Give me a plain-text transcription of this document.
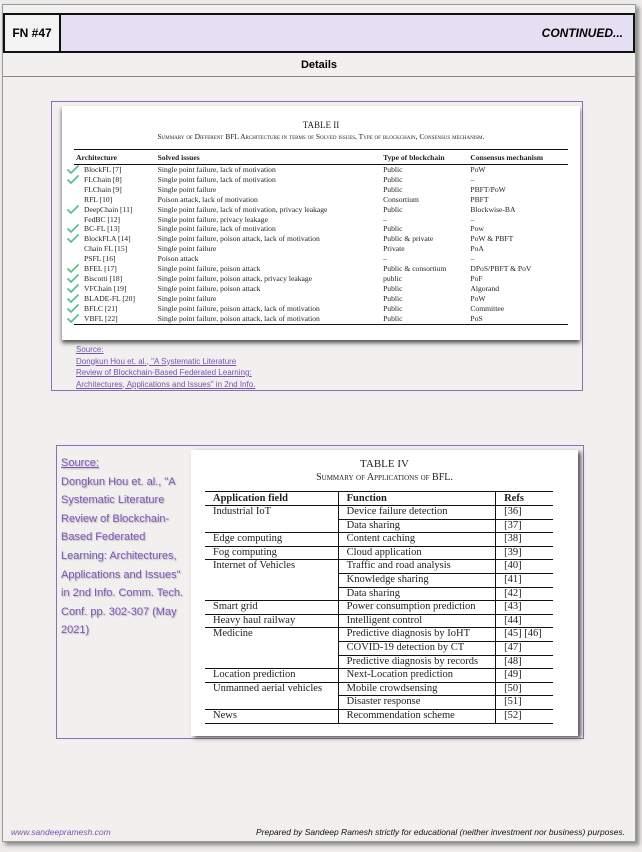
FN #47	CONTINUED...
Details
TABLE II
Summary of Different BFL Architecture in terms of Solved issues, Type of blockchain, Consensus mechanism.
Architecture	Solved issues	Type of blockchain	Consensus mechanism

BlockFL [7]	Single point failure, lack of motivation	Public	PoW

FLChain [8]	Single point failure, lack of motivation	Public	–
FLChain [9]	Single point failure	Public	PBFT/PoW
RFL [10]	Poison attack, lack of motivation	Consortium	PBFT

DeepChain [11]	Single point failure, lack of motivation, privacy leakage	Public	Blockwise-BA
FedBC [12]	Single point failure, privacy leakage	–	–

BC-FL [13]	Single point failure, lack of motivation	Public	Pow

BlockFLA [14]	Single point failure, poison attack, lack of motivation	Public & private	PoW & PBFT
Chain FL [15]	Single point failure	Private	PoA
PSFL [16]	Poison attack	–	–

BFEL [17]	Single point failure, poison attack	Public & consortium	DPoS/PBFT & PoV

Biscotti [18]	Single point failure, poison attack, privacy leakage	public	PoF

VFChain [19]	Single point failure, poison attack	Public	Algorand

BLADE-FL [20]	Single point failure	Public	PoW

BFLC [21]	Single point failure, poison attack, lack of motivation	Public	Committee

VBFL [22]	Single point failure, poison attack, lack of motivation	Public	PoS
Source:
Dongkun Hou et. al., "A Systematic Literature
Review of Blockchain-Based Federated Learning:
Architectures, Applications and Issues" in 2nd Info.
Source:
Dongkun Hou et. al., "A Systematic Literature Review of Blockchain-Based Federated Learning: Architectures, Applications and Issues" in 2nd Info. Comm. Tech. Conf. pp. 302-307 (May 2021)
TABLE IV
Summary of Applications of BFL.
Application field	Function	Refs
Industrial IoT	Device failure detection	[36]
	Data sharing	[37]
Edge computing	Content caching	[38]
Fog computing	Cloud application	[39]
Internet of Vehicles	Traffic and road analysis	[40]
	Knowledge sharing	[41]
	Data sharing	[42]
Smart grid	Power consumption prediction	[43]
Heavy haul railway	Intelligent control	[44]
Medicine	Predictive diagnosis by IoHT	[45] [46]
	COVID-19 detection by CT	[47]
	Predictive diagnosis by records	[48]
Location prediction	Next-Location prediction	[49]
Unmanned aerial vehicles	Mobile crowdsensing	[50]
	Disaster response	[51]
News	Recommendation scheme	[52]
www.sandeepramesh.com	Prepared by Sandeep Ramesh strictly for educational (neither investment nor business) purposes.
